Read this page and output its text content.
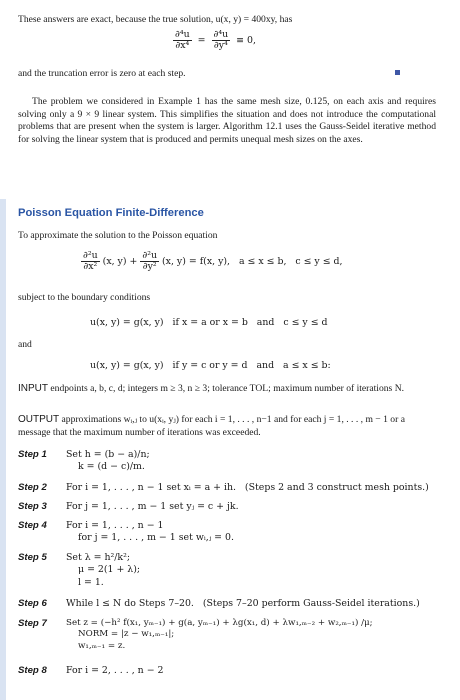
These answers are exact, because the true solution, u(x, y) = 400xy, has
$\frac{\text{∂⁴u}}{\text{∂x⁴}} = \frac{\text{∂⁴u}}{\text{∂y⁴}} \equiv 0$,
and the truncation error is zero at each step.
The problem we considered in Example 1 has the same mesh size, 0.125, on each axis and requires solving only a 9 × 9 linear system. This simplifies the situation and does not introduce the computational problems that are present when the system is larger. Algorithm 12.1 uses the Gauss-Seidel iterative method for solving the linear system that is produced and permits unequal mesh sizes on the axes.
Poisson Equation Finite-Difference
To approximate the solution to the Poisson equation
$\frac{\text{∂²u}}{\text{∂x²}} (x$, $y) + \frac{\text{∂²u}}{\text{∂y²}} (x$, y) = f(x, y),   a ≤ x ≤ b,   c ≤ y ≤ d,
subject to the boundary conditions
u(x, y) = g(x, y)   if x = a or x = b   and   c ≤ y ≤ d
and
u(x, y) = g(x, y)   if y = c or y = d   and   a ≤ x ≤ b:
INPUT endpoints a, b, c, d; integers m ≥ 3, n ≥ 3; tolerance TOL; maximum number of iterations N.
OUTPUT approximations wᵢ,ⱼ to u(xᵢ, yⱼ) for each i = 1, . . . , n−1 and for each j = 1, . . . , m − 1 or a message that the maximum number of iterations was exceeded.
Step 1	Set h = (b − a)/n;
k = (d − c)/m.
Step 2	For i = 1, . . . , n − 1 set xᵢ = a + ih.   (Steps 2 and 3 construct mesh points.)
Step 3	For j = 1, . . . , m − 1 set yⱼ = c + jk.
Step 4	For i = 1, . . . , n − 1
for j = 1, . . . , m − 1 set wᵢ,ⱼ = 0.
Step 5	Set λ = h²/k²;
μ = 2(1 + λ);
l = 1.
Step 6	While l ≤ N do Steps 7–20.   (Steps 7–20 perform Gauss-Seidel iterations.)
Step 7	Set z = (−h² f(x₁, yₘ₋₁) + g(a, yₘ₋₁) + λg(x₁, d) + λw₁,ₘ₋₂ + w₂,ₘ₋₁) /μ;
NORM = |z − w₁,ₘ₋₁|;
w₁,ₘ₋₁ = z.
Step 8	For i = 2, . . . , n − 2
